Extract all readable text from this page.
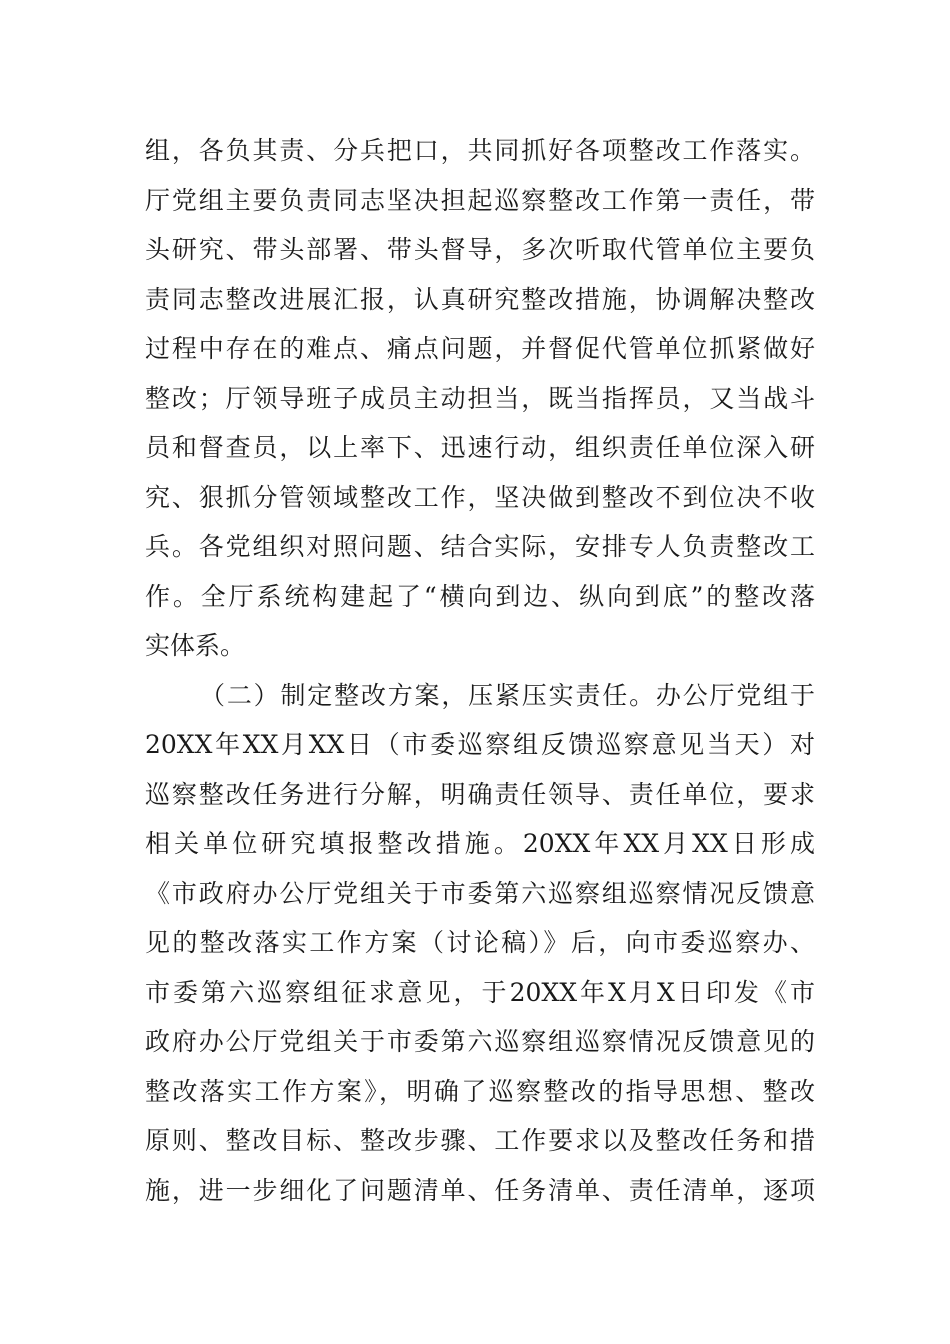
组，各负其责、分兵把口，共同抓好各项整改工作落实。
厅党组主要负责同志坚决担起巡察整改工作第一责任，带
头研究、带头部署、带头督导，多次听取代管单位主要负
责同志整改进展汇报，认真研究整改措施，协调解决整改
过程中存在的难点、痛点问题，并督促代管单位抓紧做好
整改；厅领导班子成员主动担当，既当指挥员，又当战斗
员和督查员，以上率下、迅速行动，组织责任单位深入研
究、狠抓分管领域整改工作，坚决做到整改不到位决不收
兵。各党组织对照问题、结合实际，安排专人负责整改工
作。全厅系统构建起了“横向到边、纵向到底”的整改落
实体系。
（二）制定整改方案，压紧压实责任。办公厅党组于
20XX年XX月XX日（市委巡察组反馈巡察意见当天）对
巡察整改任务进行分解，明确责任领导、责任单位，要求
相关单位研究填报整改措施。20XX年XX月XX日形成
《市政府办公厅党组关于市委第六巡察组巡察情况反馈意
见的整改落实工作方案（讨论稿）》后，向市委巡察办、
市委第六巡察组征求意见，于20XX年X月X日印发《市
政府办公厅党组关于市委第六巡察组巡察情况反馈意见的
整改落实工作方案》，明确了巡察整改的指导思想、整改
原则、整改目标、整改步骤、工作要求以及整改任务和措
施，进一步细化了问题清单、任务清单、责任清单，逐项
